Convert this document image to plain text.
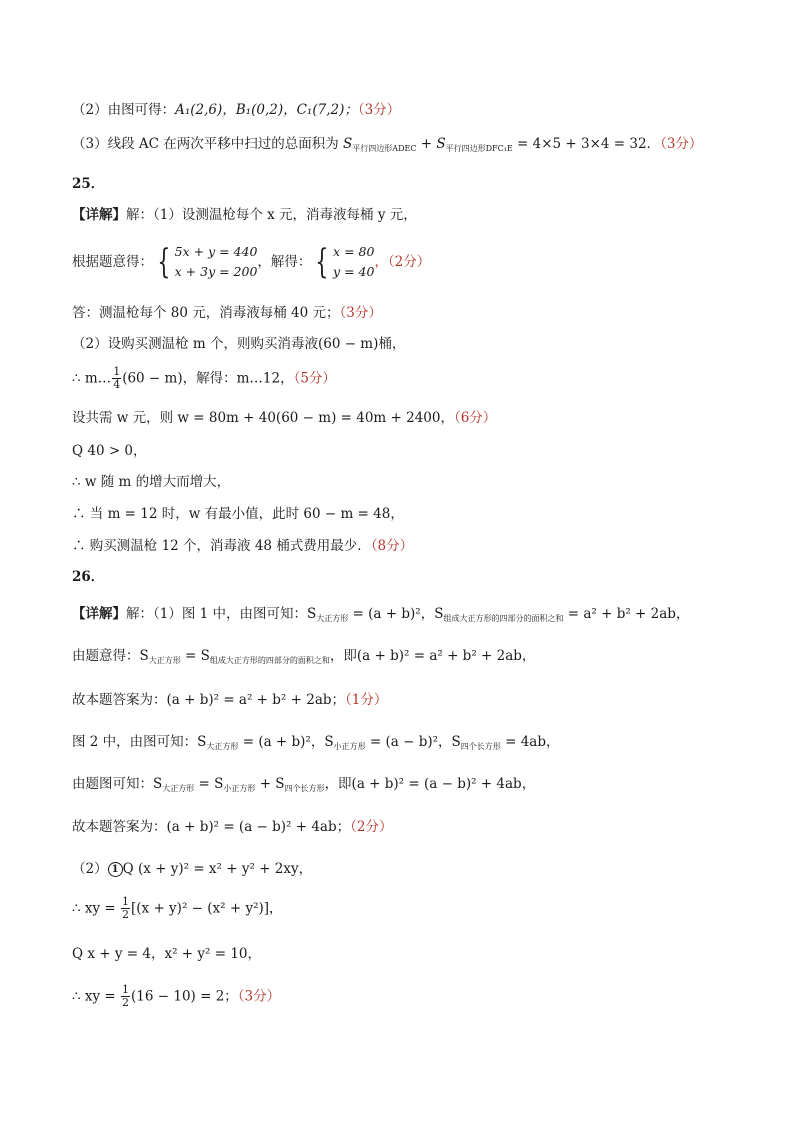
（2）由图可得：A₁(2,6)，B₁(0,2)，C₁(7,2)；（3分）
（3）线段 AC 在两次平移中扫过的总面积为 $S_{平行四边形ADEC} + S_{平行四边形DFC_1E} = 4\times 5 + 3\times 4 = 32$．（3分）
25．
【详解】解：（1）设测温枪每个 x 元，消毒液每桶 y 元，
根据题意得： { 5x + y = 440
x + 3y = 200
，解得： { x = 80
y = 40
，（2分）
答：测温枪每个 80 元，消毒液每桶 40 元；（3分）
（2）设购买测温枪 m 个，则购买消毒液(60 − m)桶，
∴ m… $\frac{1}{4} (60 - m)$，解得：m…12，（5分）
设共需 w 元，则 w = 80m + 40(60 − m) = 40m + 2400，（6分）
Q 40 > 0，
∴ w 随 m 的增大而增大，
∴ 当 m = 12 时，w 有最小值，此时 60 − m = 48，
∴ 购买测温枪 12 个，消毒液 48 桶式费用最少．（8分）
26．
【详解】解：（1）图 1 中，由图可知：$S_{大正方形} = (a + b)^2$，$S_{组成大正方形的四部分的面积之和} = a^2 + b^2 + 2ab$，
由题意得：$S_{大正方形} = S_{组成大正方形的四部分的面积之和}$，即(a + b)² = a² + b² + 2ab，
故本题答案为：(a + b)² = a² + b² + 2ab；（1分）
图 2 中，由图可知：$S_{大正方形} = (a + b)^2$，$S_{小正方形} = (a - b)^2$，$S_{四个长方形} = 4ab$，
由题图可知：$S_{大正方形} = S_{小正方形} + S_{四个长方形}$，即(a + b)² = (a − b)² + 4ab，
故本题答案为：(a + b)² = (a − b)² + 4ab；（2分）
（2） 1 Q (x + y)² = x² + y² + 2xy，
∴ xy = $\frac{1}{2} [(x + y)^2 - (x^2 + y^2)]$，
Q x + y = 4，x² + y² = 10，
∴ xy = $\frac{1}{2} (16 - 10) = 2$；（3分）
